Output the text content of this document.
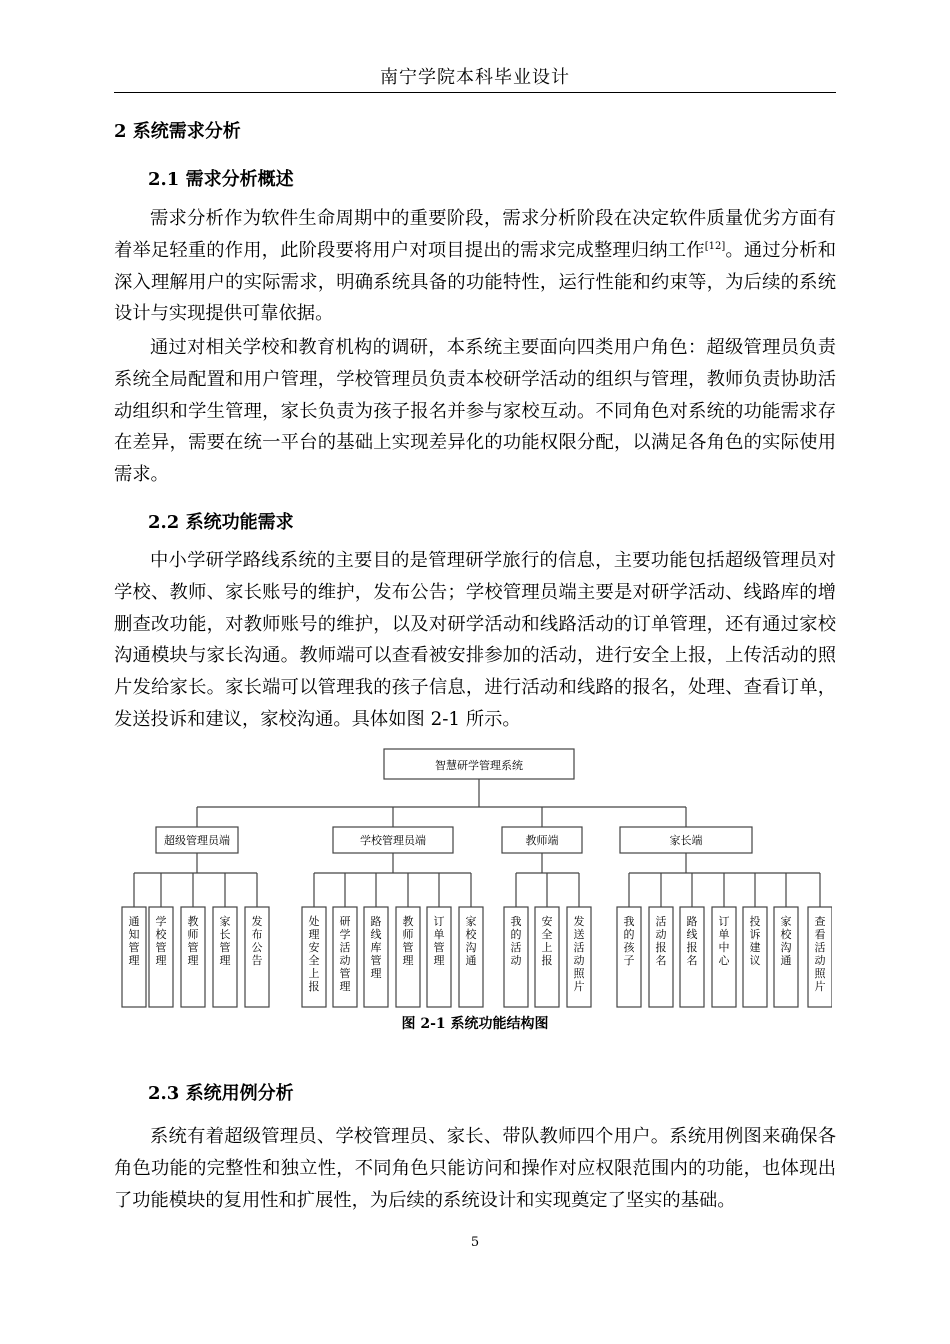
南宁学院本科毕业设计
2 系统需求分析
2.1 需求分析概述
需求分析作为软件生命周期中的重要阶段，需求分析阶段在决定软件质量优劣方面有着举足轻重的作用，此阶段要将用户对项目提出的需求完成整理归纳工作[12]。通过分析和深入理解用户的实际需求，明确系统具备的功能特性，运行性能和约束等，为后续的系统设计与实现提供可靠依据。
通过对相关学校和教育机构的调研，本系统主要面向四类用户角色：超级管理员负责系统全局配置和用户管理，学校管理员负责本校研学活动的组织与管理，教师负责协助活动组织和学生管理，家长负责为孩子报名并参与家校互动。不同角色对系统的功能需求存在差异，需要在统一平台的基础上实现差异化的功能权限分配，以满足各角色的实际使用需求。
2.2 系统功能需求
中小学研学路线系统的主要目的是管理研学旅行的信息，主要功能包括超级管理员对学校、教师、家长账号的维护，发布公告；学校管理员端主要是对研学活动、线路库的增删查改功能，对教师账号的维护，以及对研学活动和线路活动的订单管理，还有通过家校沟通模块与家长沟通。教师端可以查看被安排参加的活动，进行安全上报，上传活动的照片发给家长。家长端可以管理我的孩子信息，进行活动和线路的报名，处理、查看订单，发送投诉和建议，家校沟通。具体如图 2-1 所示。
智慧研学管理系统
超级管理员端
通知管理
学校管理
教师管理
家长管理
发布公告
学校管理员端
处理安全上报
研学活动管理
路线库管理
教师管理
订单管理
家校沟通
教师端
我的活动
安全上报
发送活动照片
家长端
我的孩子
活动报名
路线报名
订单中心
投诉建议
家校沟通
查看活动照片
图 2-1 系统功能结构图
2.3 系统用例分析
系统有着超级管理员、学校管理员、家长、带队教师四个用户。系统用例图来确保各角色功能的完整性和独立性，不同角色只能访问和操作对应权限范围内的功能，也体现出了功能模块的复用性和扩展性，为后续的系统设计和实现奠定了坚实的基础。
5
